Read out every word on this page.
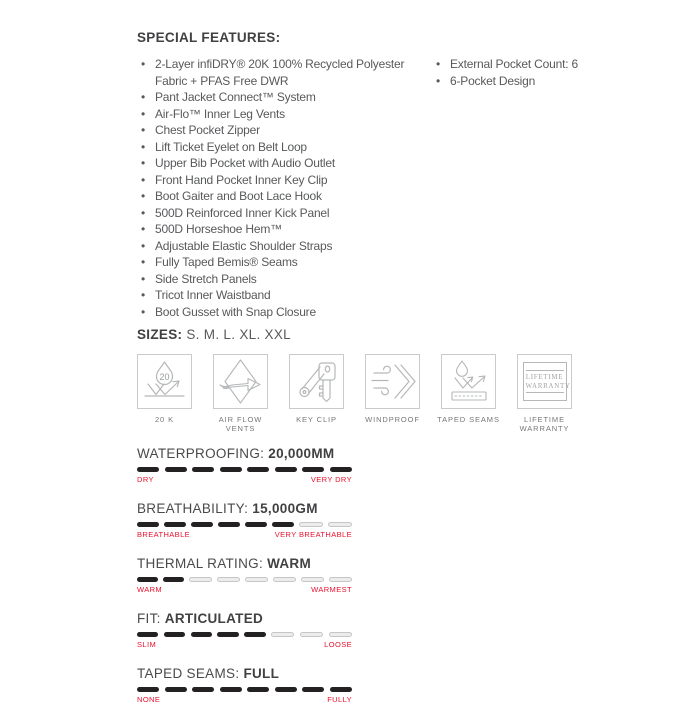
SPECIAL FEATURES:
• 2-Layer infiDRY® 20K 100% Recycled Polyester Fabric + PFAS Free DWR
• Pant Jacket Connect™ System
• Air-Flo™ Inner Leg Vents
• Chest Pocket Zipper
• Lift Ticket Eyelet on Belt Loop
• Upper Bib Pocket with Audio Outlet
• Front Hand Pocket Inner Key Clip
• Boot Gaiter and Boot Lace Hook
• 500D Reinforced Inner Kick Panel
• 500D Horseshoe Hem™
• Adjustable Elastic Shoulder Straps
• Fully Taped Bemis® Seams
• Side Stretch Panels
• Tricot Inner Waistband
• Boot Gusset with Snap Closure
• External Pocket Count: 6
• 6-Pocket Design
SIZES: S. M. L. XL. XXL
20
20 K	AIR FLOW
VENTS
KEY CLIP	WINDPROOF TAPED SEAMS
LIFETIME
WARRANTY
LIFETIME
WARRANTY
WATERPROOFING: 20,000MM
DRY	VERY DRY
BREATHABILITY: 15,000GM
BREATHABLE	VERY BREATHABLE
THERMAL RATING: WARM
WARM	WARMEST
FIT: ARTICULATED
SLIM	LOOSE
TAPED SEAMS: FULL
NONE	FULLY
